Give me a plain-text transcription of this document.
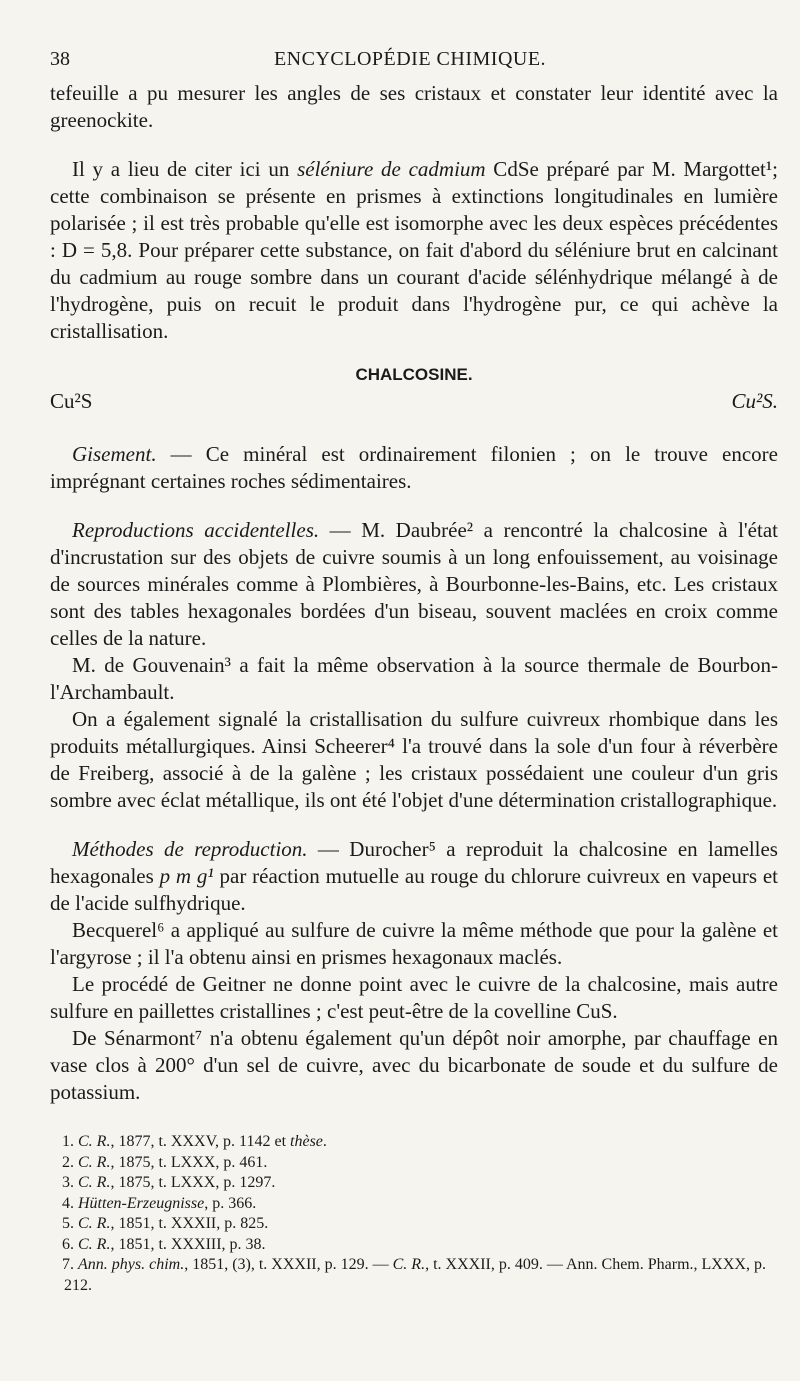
38	ENCYCLOPÉDIE CHIMIQUE.

tefeuille a pu mesurer les angles de ses cristaux et constater leur identité avec la greenockite.

Il y a lieu de citer ici un séléniure de cadmium CdSe préparé par M. Margottet¹; cette combinaison se présente en prismes à extinctions longitudinales en lumière polarisée ; il est très probable qu'elle est isomorphe avec les deux espèces précédentes : D = 5,8. Pour préparer cette substance, on fait d'abord du séléniure brut en calcinant du cadmium au rouge sombre dans un courant d'acide sélénhydrique mélangé à de l'hydrogène, puis on recuit le produit dans l'hydrogène pur, ce qui achève la cristallisation.

CHALCOSINE.
Cu²S	Cu²S.

Gisement. — Ce minéral est ordinairement filonien ; on le trouve encore imprégnant certaines roches sédimentaires.

Reproductions accidentelles. — M. Daubrée² a rencontré la chalcosine à l'état d'incrustation sur des objets de cuivre soumis à un long enfouissement, au voisinage de sources minérales comme à Plombières, à Bourbonne-les-Bains, etc. Les cristaux sont des tables hexagonales bordées d'un biseau, souvent maclées en croix comme celles de la nature.

M. de Gouvenain³ a fait la même observation à la source thermale de Bourbon-l'Archambault.

On a également signalé la cristallisation du sulfure cuivreux rhombique dans les produits métallurgiques. Ainsi Scheerer⁴ l'a trouvé dans la sole d'un four à réverbère de Freiberg, associé à de la galène ; les cristaux possédaient une couleur d'un gris sombre avec éclat métallique, ils ont été l'objet d'une détermination cristallographique.

Méthodes de reproduction. — Durocher⁵ a reproduit la chalcosine en lamelles hexagonales p m g¹ par réaction mutuelle au rouge du chlorure cuivreux en vapeurs et de l'acide sulfhydrique.

Becquerel⁶ a appliqué au sulfure de cuivre la même méthode que pour la galène et l'argyrose ; il l'a obtenu ainsi en prismes hexagonaux maclés.

Le procédé de Geitner ne donne point avec le cuivre de la chalcosine, mais autre sulfure en paillettes cristallines ; c'est peut-être de la covelline CuS.

De Sénarmont⁷ n'a obtenu également qu'un dépôt noir amorphe, par chauffage en vase clos à 200° d'un sel de cuivre, avec du bicarbonate de soude et du sulfure de potassium.

1. C. R., 1877, t. XXXV, p. 1142 et thèse.
2. C. R., 1875, t. LXXX, p. 461.
3. C. R., 1875, t. LXXX, p. 1297.
4. Hütten-Erzeugnisse, p. 366.
5. C. R., 1851, t. XXXII, p. 825.
6. C. R., 1851, t. XXXIII, p. 38.
7. Ann. phys. chim., 1851, (3), t. XXXII, p. 129. — C. R., t. XXXII, p. 409. — Ann. Chem. Pharm., LXXX, p. 212.
